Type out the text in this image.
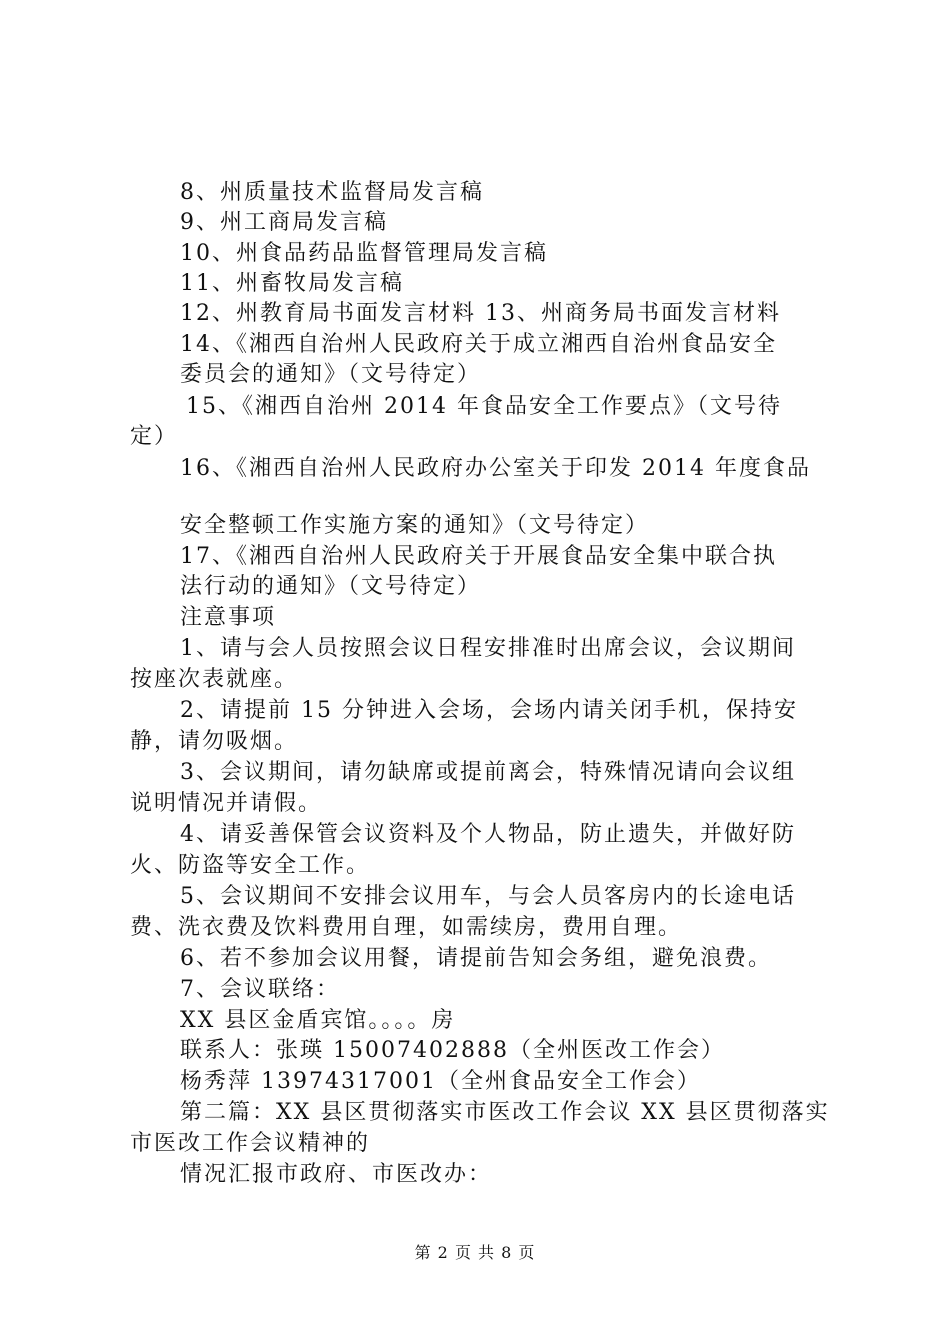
8、州质量技术监督局发言稿
9、州工商局发言稿
10、州食品药品监督管理局发言稿
11、州畜牧局发言稿
12、州教育局书面发言材料 13、州商务局书面发言材料
14、《湘西自治州人民政府关于成立湘西自治州食品安全
委员会的通知》（文号待定）
15、《湘西自治州 2014 年食品安全工作要点》（文号待
定）
16、《湘西自治州人民政府办公室关于印发 2014 年度食品
安全整顿工作实施方案的通知》（文号待定）
17、《湘西自治州人民政府关于开展食品安全集中联合执
法行动的通知》（文号待定）
注意事项
1、请与会人员按照会议日程安排准时出席会议，会议期间
按座次表就座。
2、请提前 15 分钟进入会场，会场内请关闭手机，保持安
静，请勿吸烟。
3、会议期间，请勿缺席或提前离会，特殊情况请向会议组
说明情况并请假。
4、请妥善保管会议资料及个人物品，防止遗失，并做好防
火、防盗等安全工作。
5、会议期间不安排会议用车，与会人员客房内的长途电话
费、洗衣费及饮料费用自理，如需续房，费用自理。
6、若不参加会议用餐，请提前告知会务组，避免浪费。
7、会议联络：
XX 县区金盾宾馆。。。。房
联系人：张瑛 15007402888（全州医改工作会）
杨秀萍 13974317001（全州食品安全工作会）
第二篇：XX 县区贯彻落实市医改工作会议 XX 县区贯彻落实
市医改工作会议精神的
情况汇报市政府、市医改办：
第 2 页 共 8 页
